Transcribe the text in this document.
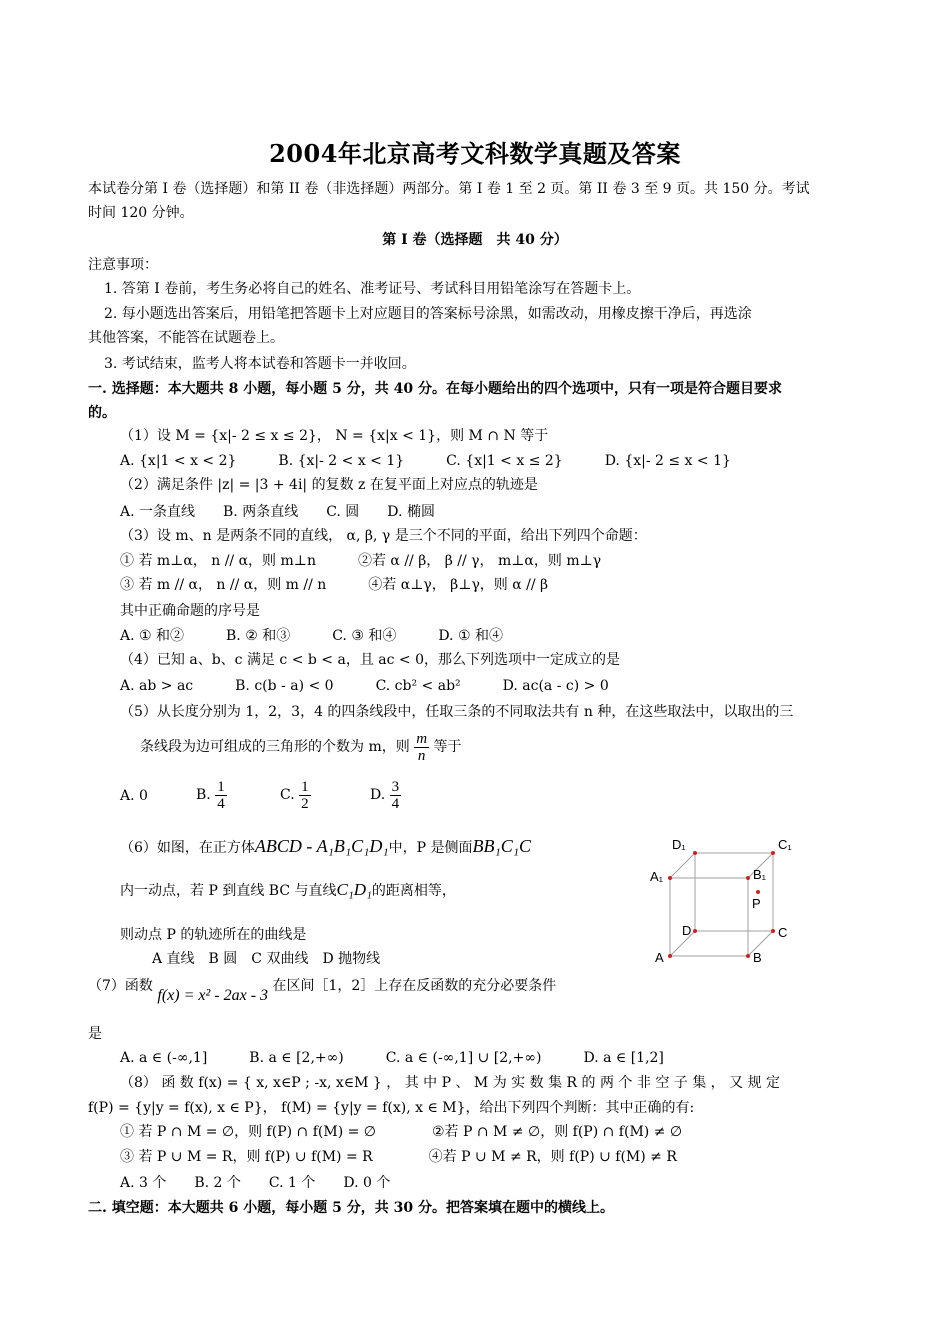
2004年北京高考文科数学真题及答案
本试卷分第 I 卷（选择题）和第 II 卷（非选择题）两部分。第 I 卷 1 至 2 页。第 II 卷 3 至 9 页。共 150 分。考试
时间 120 分钟。
第 I 卷（选择题　共 40 分）
注意事项：
1. 答第 I 卷前，考生务必将自己的姓名、准考证号、考试科目用铅笔涂写在答题卡上。
2. 每小题选出答案后，用铅笔把答题卡上对应题目的答案标号涂黑，如需改动，用橡皮擦干净后，再选涂
其他答案，不能答在试题卷上。
3. 考试结束，监考人将本试卷和答题卡一并收回。
一. 选择题：本大题共 8 小题，每小题 5 分，共 40 分。在每小题给出的四个选项中，只有一项是符合题目要求
的。
（1）设 M = {x|- 2 ≤ x ≤ 2}， N = {x|x < 1}，则 M ∩ N 等于
A. {x|1 < x < 2}　　　B. {x|- 2 < x < 1}　　　C. {x|1 < x ≤ 2}　　　D. {x|- 2 ≤ x < 1}
（2）满足条件 |z| = |3 + 4i| 的复数 z 在复平面上对应点的轨迹是
A. 一条直线　　B. 两条直线　　C. 圆　　D. 椭圆
（3）设 m、n 是两条不同的直线， α, β, γ 是三个不同的平面，给出下列四个命题：
① 若 m⊥α， n // α，则 m⊥n　　　②若 α // β， β // γ， m⊥α，则 m⊥γ
③ 若 m // α， n // α，则 m // n　　　④若 α⊥γ， β⊥γ，则 α // β
其中正确命题的序号是
A. ① 和②　　　B. ② 和③　　　C. ③ 和④　　　D. ① 和④
（4）已知 a、b、c 满足 c < b < a，且 ac < 0，那么下列选项中一定成立的是
A. ab > ac　　　B. c(b - a) < 0　　　C. cb² < ab²　　　D. ac(a - c) > 0
（5）从长度分别为 1，2，3，4 的四条线段中，任取三条的不同取法共有 n 种，在这些取法中，以取出的三
条线段为边可组成的三角形的个数为 m，则 $\frac{m}{n}$ 等于
A. 0	B. $\frac{1}{4}$	C. $\frac{1}{2}$	D. $\frac{3}{4}$
（6）如图，在正方体ABCD - A₁B₁C₁D₁中，P 是侧面BB₁C₁C
内一动点，若 P 到直线 BC 与直线C₁D₁的距离相等，
则动点 P 的轨迹所在的曲线是
A 直线　B 圆　C 双曲线　D 抛物线
D₁	C₁
A₁	B₁
P
D	C
A	B
（7）函数 f(x) = x² - 2ax - 3 在区间［1，2］上存在反函数的充分必要条件
是
A. a ∈ (-∞,1]　　　B. a ∈ [2,+∞)　　　C. a ∈ (-∞,1] ∪ [2,+∞)　　　D. a ∈ [1,2]
（8） 函 数 f(x) = { x, x∈P ; -x, x∈M } ， 其 中 P 、 M 为 实 数 集 R 的 两 个 非 空 子 集 ， 又 规 定
f(P) = {y|y = f(x), x ∈ P}， f(M) = {y|y = f(x), x ∈ M}，给出下列四个判断：其中正确的有:
① 若 P ∩ M = ∅，则 f(P) ∩ f(M) = ∅　　　　②若 P ∩ M ≠ ∅，则 f(P) ∩ f(M) ≠ ∅
③ 若 P ∪ M = R，则 f(P) ∪ f(M) = R　　　　④若 P ∪ M ≠ R，则 f(P) ∪ f(M) ≠ R
A. 3 个　　B. 2 个　　C. 1 个　　D. 0 个
二. 填空题：本大题共 6 小题，每小题 5 分，共 30 分。把答案填在题中的横线上。
